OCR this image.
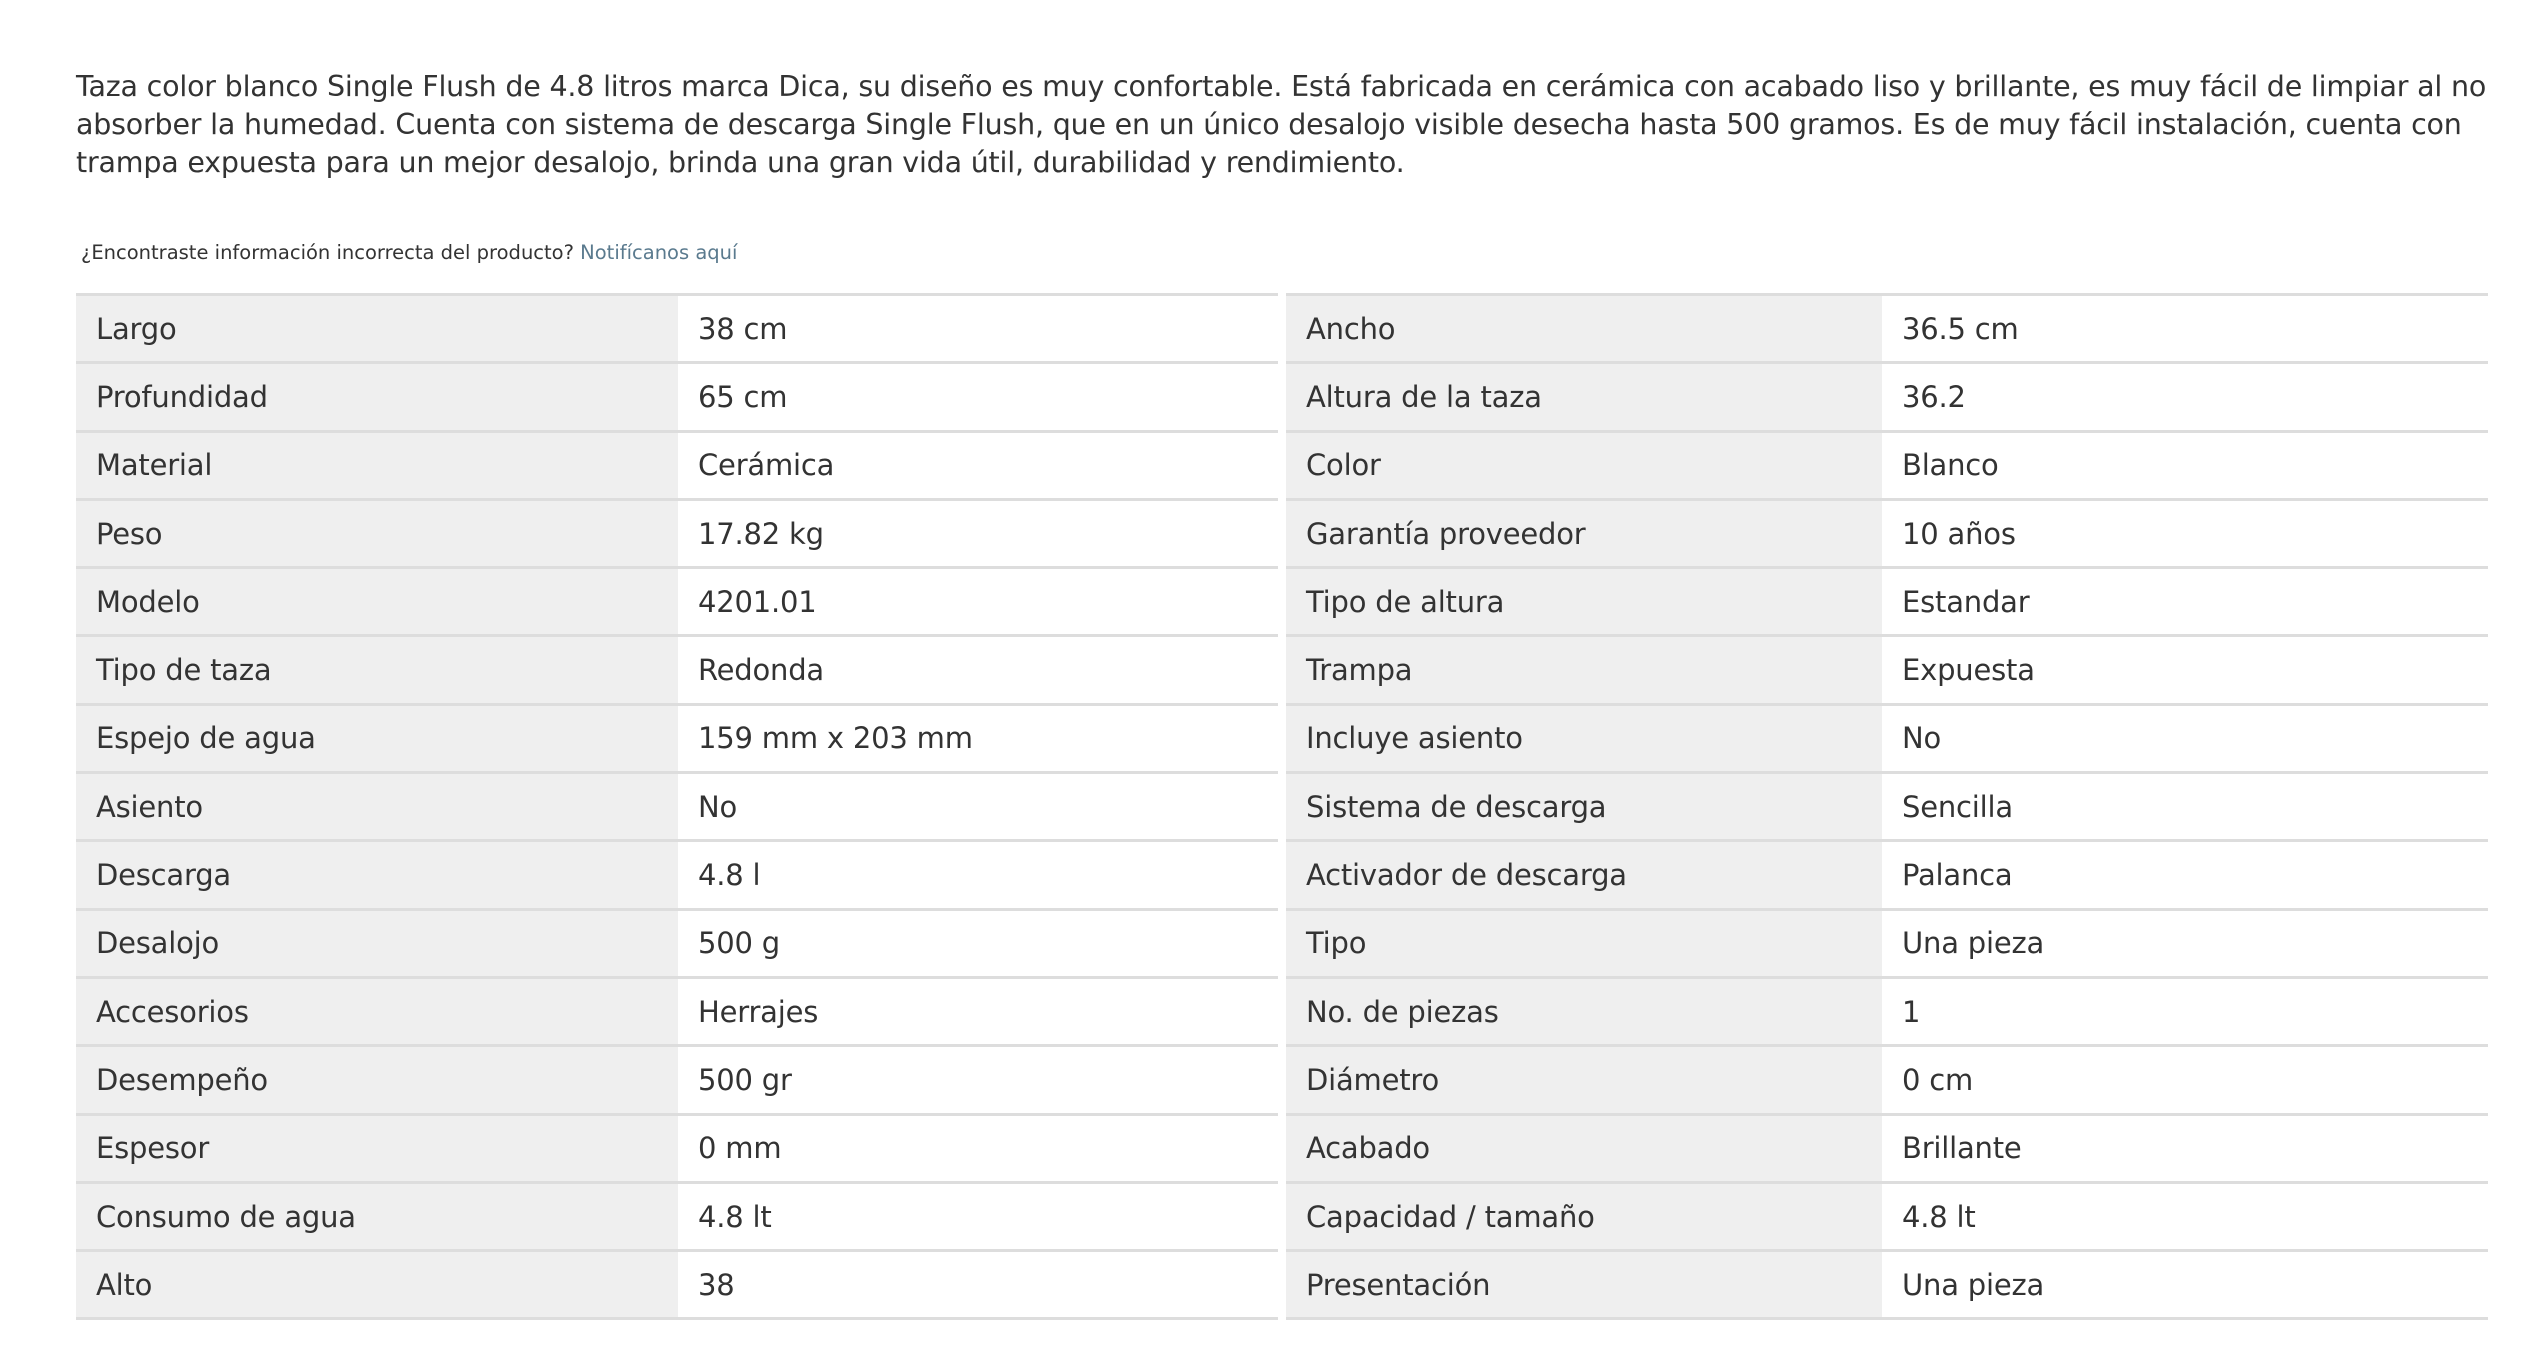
Taza color blanco Single Flush de 4.8 litros marca Dica, su diseño es muy confortable. Está fabricada en cerámica con acabado liso y brillante, es muy fácil de limpiar al no absorber la humedad. Cuenta con sistema de descarga Single Flush, que en un único desalojo visible desecha hasta 500 gramos. Es de muy fácil instalación, cuenta con trampa expuesta para un mejor desalojo, brinda una gran vida útil, durabilidad y rendimiento.

¿Encontraste información incorrecta del producto? Notifícanos aquí
Largo	38 cm
Profundidad	65 cm
Material	Cerámica
Peso	17.82 kg
Modelo	4201.01
Tipo de taza	Redonda
Espejo de agua	159 mm x 203 mm
Asiento	No
Descarga	4.8 l
Desalojo	500 g
Accesorios	Herrajes
Desempeño	500 gr
Espesor	0 mm
Consumo de agua	4.8 lt
Alto	38
Ancho	36.5 cm
Altura de la taza	36.2
Color	Blanco
Garantía proveedor	10 años
Tipo de altura	Estandar
Trampa	Expuesta
Incluye asiento	No
Sistema de descarga	Sencilla
Activador de descarga	Palanca
Tipo	Una pieza
No. de piezas	1
Diámetro	0 cm
Acabado	Brillante
Capacidad / tamaño	4.8 lt
Presentación	Una pieza
